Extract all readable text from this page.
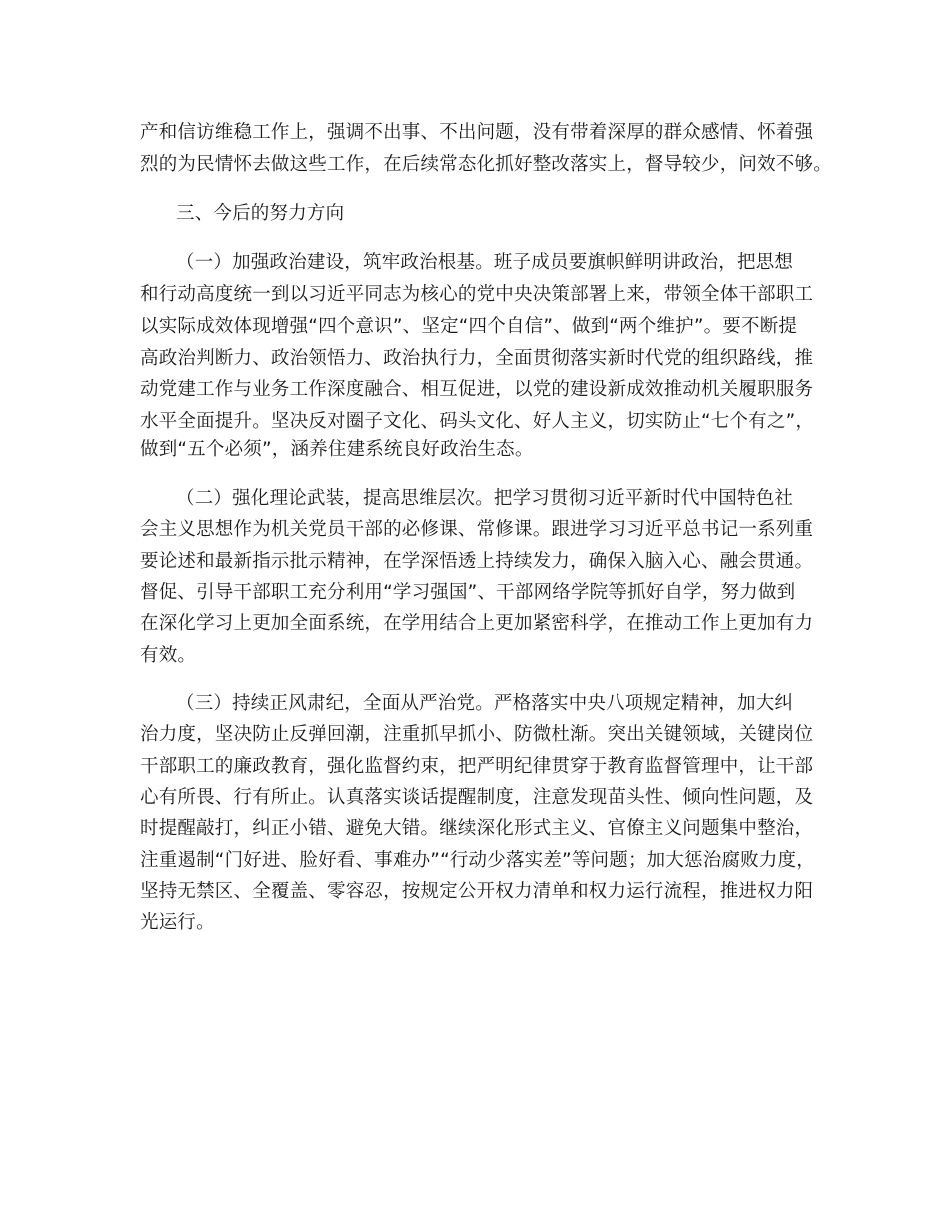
产和信访维稳工作上，强调不出事、不出问题，没有带着深厚的群众感情、怀着强
烈的为民情怀去做这些工作，在后续常态化抓好整改落实上，督导较少，问效不够。
三、今后的努力方向
（一）加强政治建设，筑牢政治根基。班子成员要旗帜鲜明讲政治，把思想
和行动高度统一到以习近平同志为核心的党中央决策部署上来，带领全体干部职工
以实际成效体现增强“四个意识”、坚定“四个自信”、做到“两个维护”。要不断提
高政治判断力、政治领悟力、政治执行力，全面贯彻落实新时代党的组织路线，推
动党建工作与业务工作深度融合、相互促进，以党的建设新成效推动机关履职服务
水平全面提升。坚决反对圈子文化、码头文化、好人主义，切实防止“七个有之”，
做到“五个必须”，涵养住建系统良好政治生态。
（二）强化理论武装，提高思维层次。把学习贯彻习近平新时代中国特色社
会主义思想作为机关党员干部的必修课、常修课。跟进学习习近平总书记一系列重
要论述和最新指示批示精神，在学深悟透上持续发力，确保入脑入心、融会贯通。
督促、引导干部职工充分利用“学习强国”、干部网络学院等抓好自学，努力做到
在深化学习上更加全面系统，在学用结合上更加紧密科学，在推动工作上更加有力
有效。
（三）持续正风肃纪，全面从严治党。严格落实中央八项规定精神，加大纠
治力度，坚决防止反弹回潮，注重抓早抓小、防微杜渐。突出关键领域，关键岗位
干部职工的廉政教育，强化监督约束，把严明纪律贯穿于教育监督管理中，让干部
心有所畏、行有所止。认真落实谈话提醒制度，注意发现苗头性、倾向性问题，及
时提醒敲打，纠正小错、避免大错。继续深化形式主义、官僚主义问题集中整治，
注重遏制“门好进、脸好看、事难办”“行动少落实差”等问题；加大惩治腐败力度，
坚持无禁区、全覆盖、零容忍，按规定公开权力清单和权力运行流程，推进权力阳
光运行。
